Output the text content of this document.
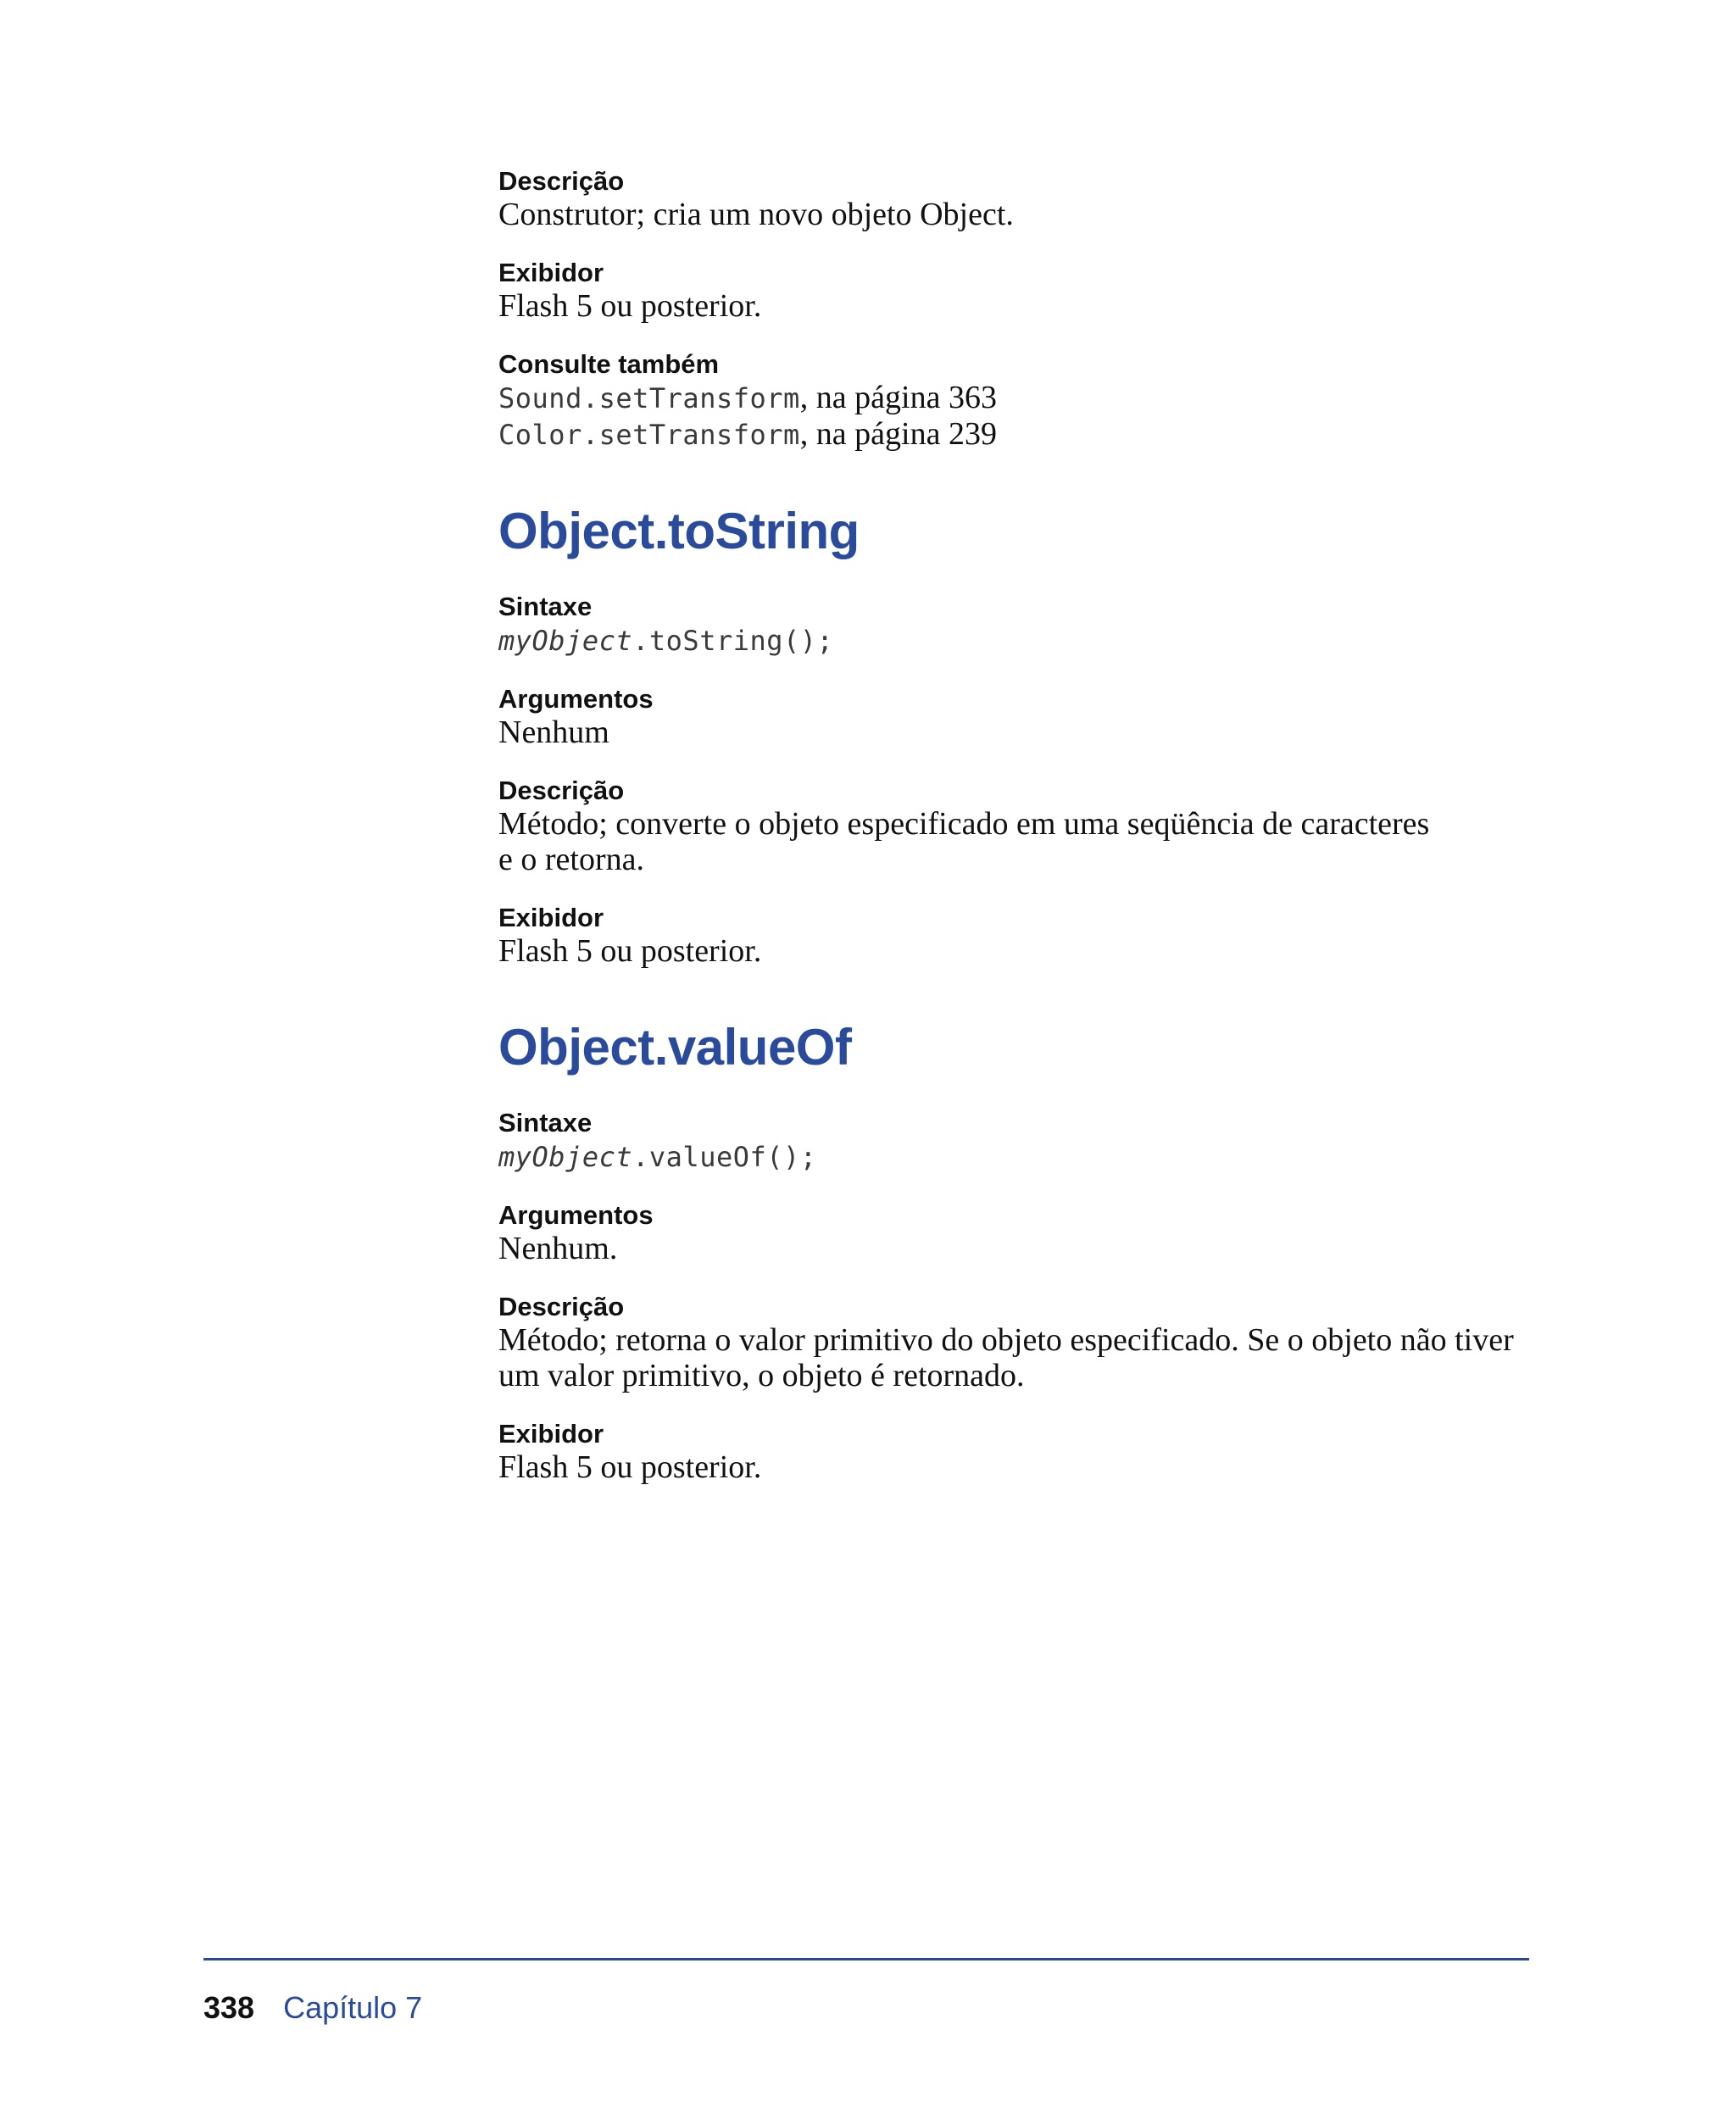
Descrição

Construtor; cria um novo objeto Object.

Exibidor

Flash 5 ou posterior.

Consulte também

Sound.setTransform, na página 363

Color.setTransform, na página 239

Object.toString

Sintaxe

myObject.toString();

Argumentos

Nenhum

Descrição

Método; converte o objeto especificado em uma seqüência de caracteres

e o retorna.

Exibidor

Flash 5 ou posterior.

Object.valueOf

Sintaxe

myObject.valueOf();

Argumentos

Nenhum.

Descrição

Método; retorna o valor primitivo do objeto especificado. Se o objeto não tiver

um valor primitivo, o objeto é retornado.

Exibidor

Flash 5 ou posterior.

338 Capítulo 7
